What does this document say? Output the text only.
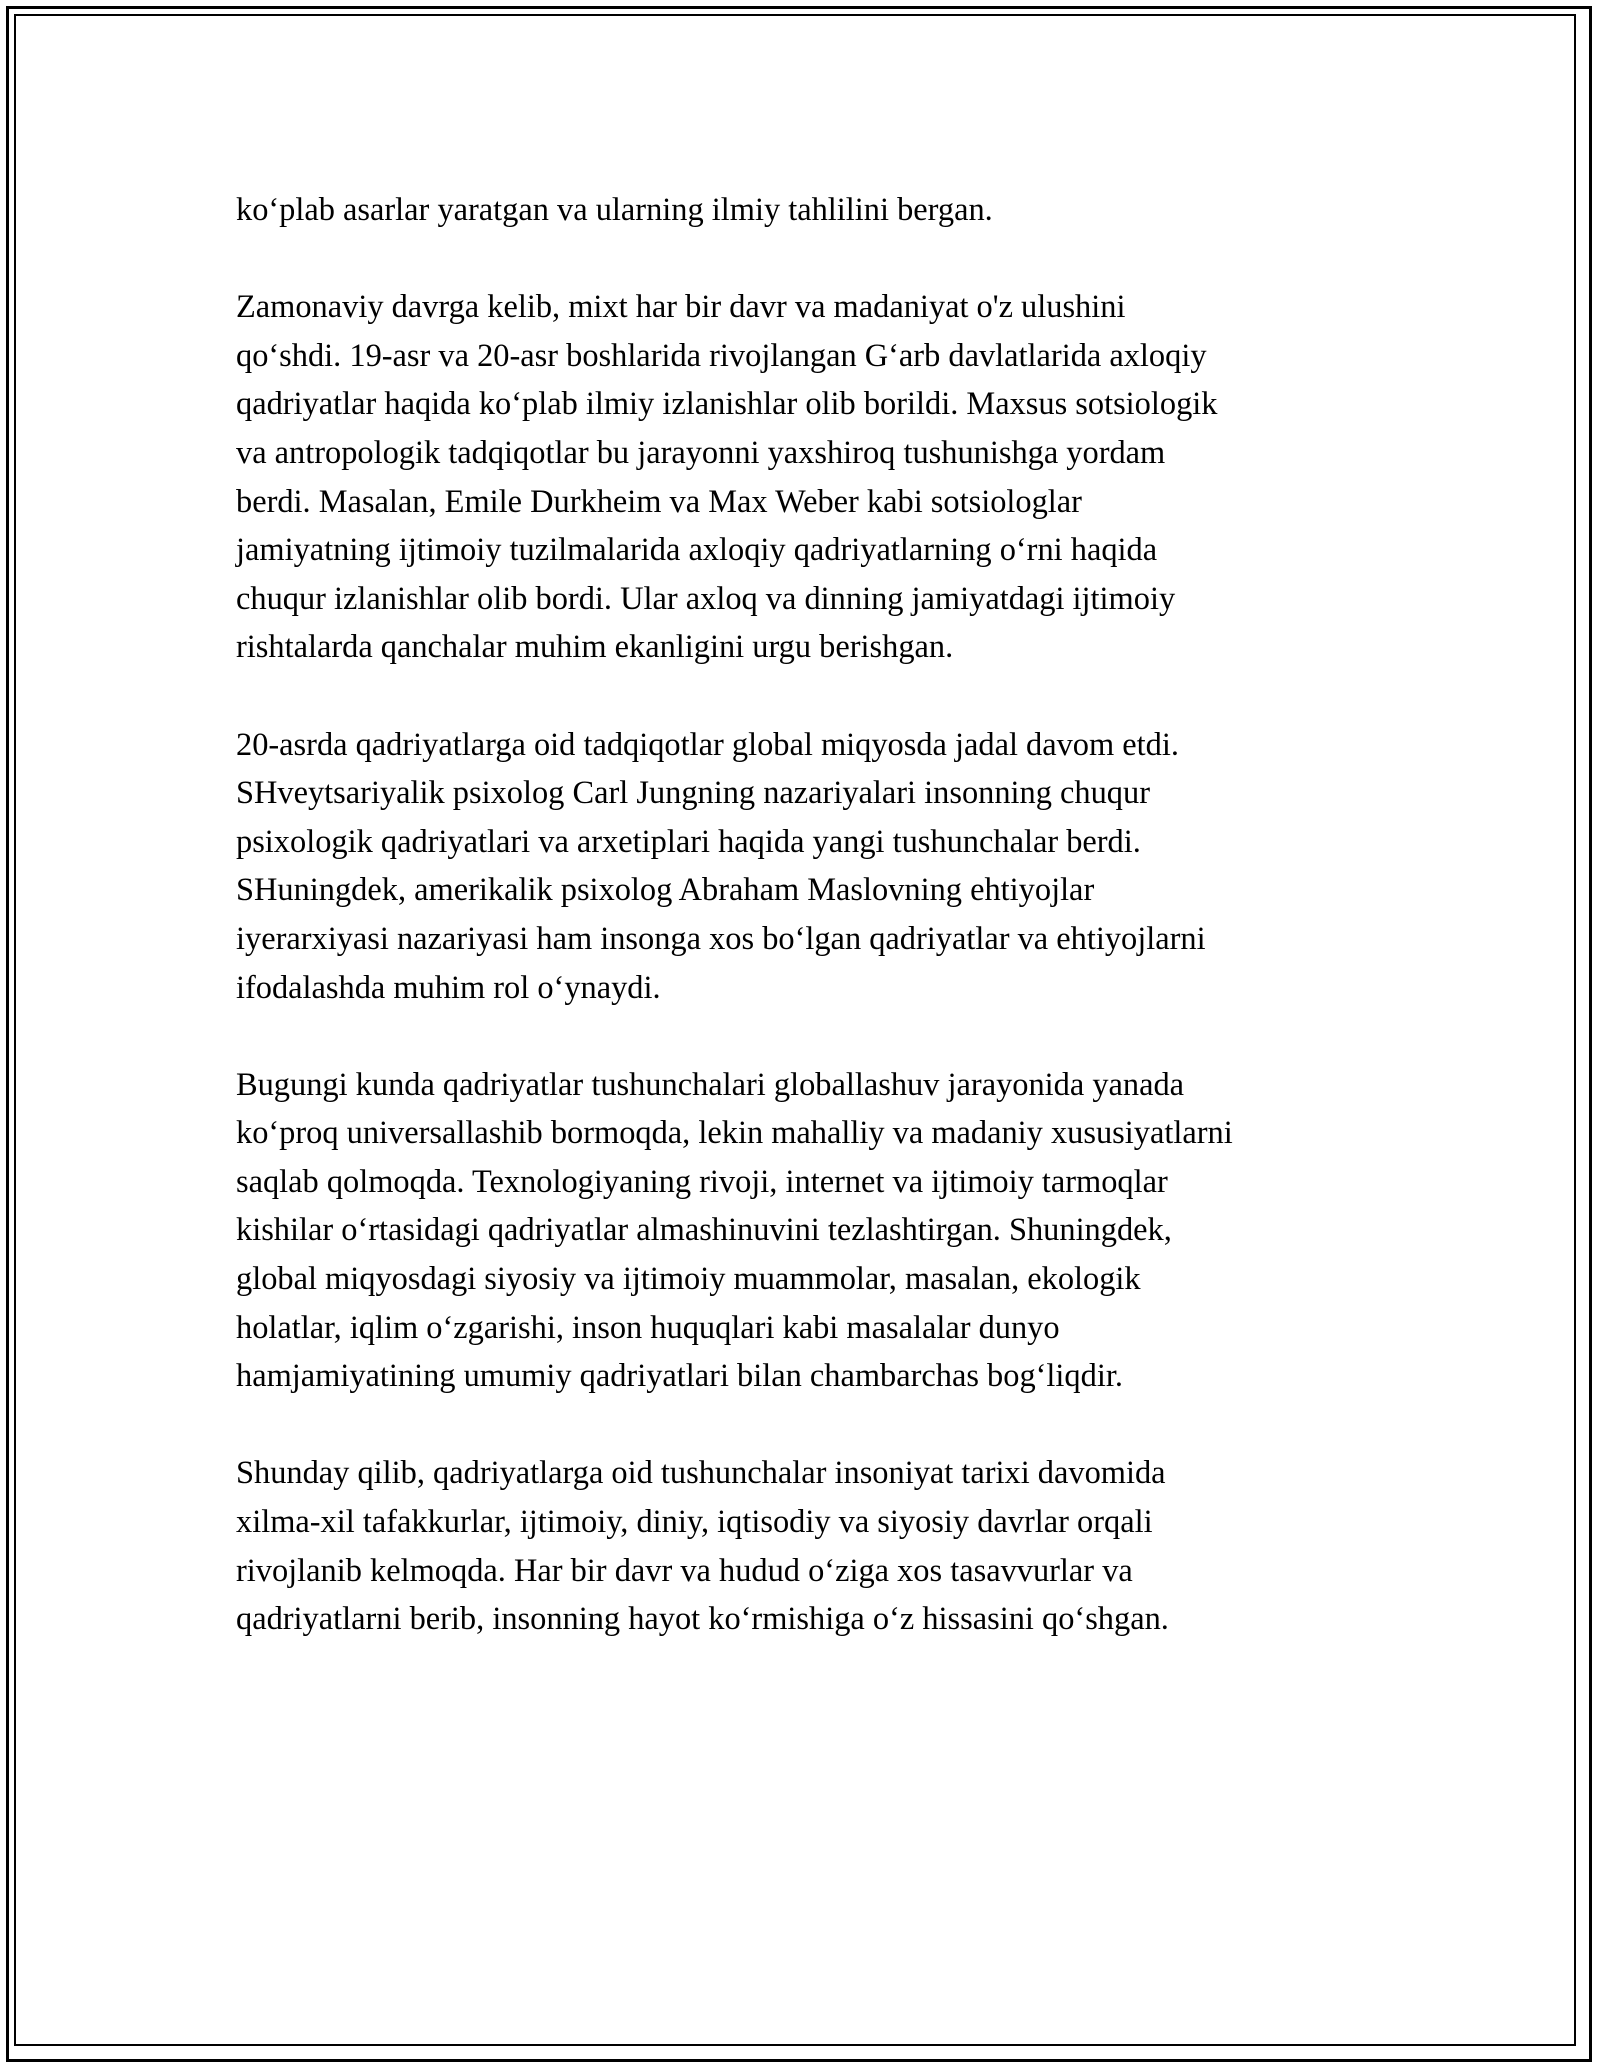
ko‘plab asarlar yaratgan va ularning ilmiy tahlilini bergan.

Zamonaviy davrga kelib, mixt har bir davr va madaniyat o'z ulushini
qo‘shdi. 19-asr va 20-asr boshlarida rivojlangan G‘arb davlatlarida axloqiy
qadriyatlar haqida ko‘plab ilmiy izlanishlar olib borildi. Maxsus sotsiologik
va antropologik tadqiqotlar bu jarayonni yaxshiroq tushunishga yordam
berdi. Masalan, Emile Durkheim va Max Weber kabi sotsiologlar
jamiyatning ijtimoiy tuzilmalarida axloqiy qadriyatlarning o‘rni haqida
chuqur izlanishlar olib bordi. Ular axloq va dinning jamiyatdagi ijtimoiy
rishtalarda qanchalar muhim ekanligini urgu berishgan.

20-asrda qadriyatlarga oid tadqiqotlar global miqyosda jadal davom etdi.
SHveytsariyalik psixolog Carl Jungning nazariyalari insonning chuqur
psixologik qadriyatlari va arxetiplari haqida yangi tushunchalar berdi.
SHuningdek, amerikalik psixolog Abraham Maslovning ehtiyojlar
iyerarxiyasi nazariyasi ham insonga xos bo‘lgan qadriyatlar va ehtiyojlarni
ifodalashda muhim rol o‘ynaydi.

Bugungi kunda qadriyatlar tushunchalari globallashuv jarayonida yanada
ko‘proq universallashib bormoqda, lekin mahalliy va madaniy xususiyatlarni
saqlab qolmoqda. Texnologiyaning rivoji, internet va ijtimoiy tarmoqlar
kishilar o‘rtasidagi qadriyatlar almashinuvini tezlashtirgan. Shuningdek,
global miqyosdagi siyosiy va ijtimoiy muammolar, masalan, ekologik
holatlar, iqlim o‘zgarishi, inson huquqlari kabi masalalar dunyo
hamjamiyatining umumiy qadriyatlari bilan chambarchas bog‘liqdir.

Shunday qilib, qadriyatlarga oid tushunchalar insoniyat tarixi davomida
xilma-xil tafakkurlar, ijtimoiy, diniy, iqtisodiy va siyosiy davrlar orqali
rivojlanib kelmoqda. Har bir davr va hudud o‘ziga xos tasavvurlar va
qadriyatlarni berib, insonning hayot ko‘rmishiga o‘z hissasini qo‘shgan.
